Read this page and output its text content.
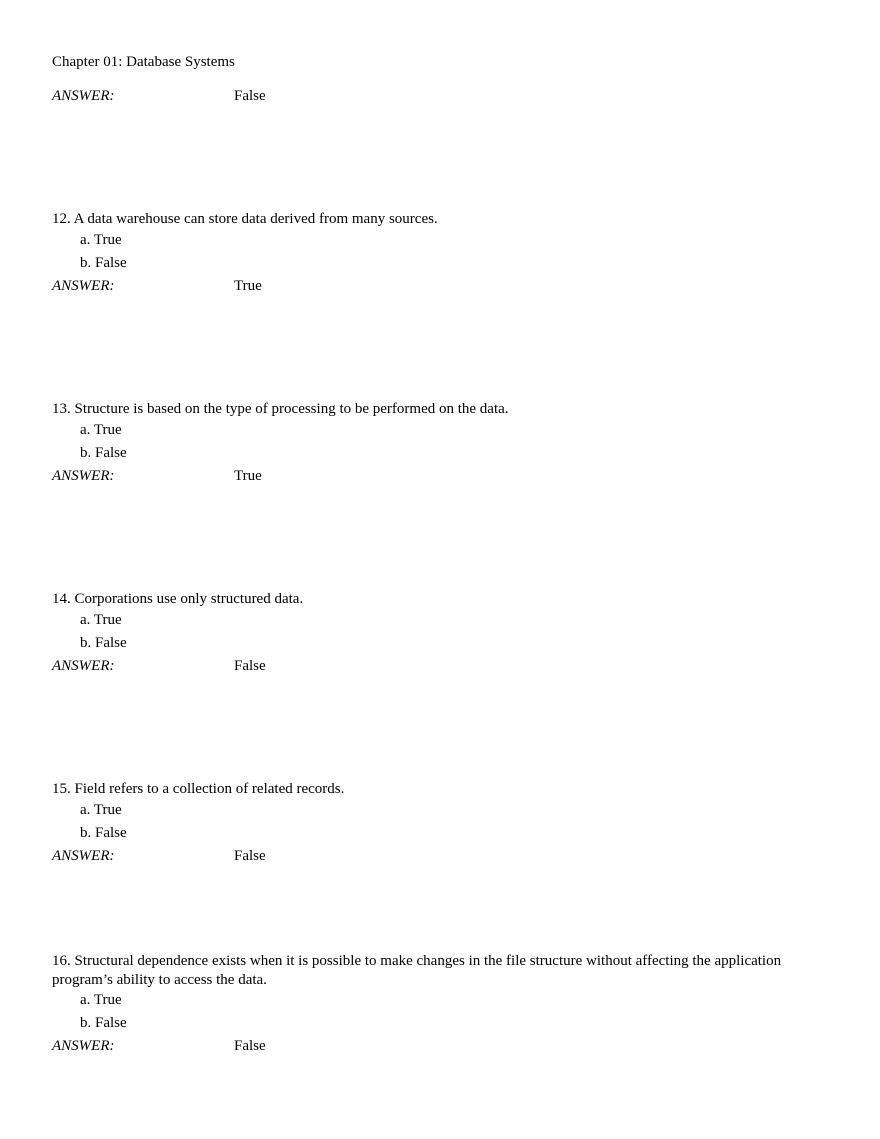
Chapter 01: Database Systems
ANSWER:	False
12. A data warehouse can store data derived from many sources.
a. True
b. False
ANSWER:	True
13. Structure is based on the type of processing to be performed on the data.
a. True
b. False
ANSWER:	True
14. Corporations use only structured data.
a. True
b. False
ANSWER:	False
15. Field refers to a collection of related records.
a. True
b. False
ANSWER:	False
16. Structural dependence exists when it is possible to make changes in the file structure without affecting the application program’s ability to access the data.
a. True
b. False
ANSWER:	False
